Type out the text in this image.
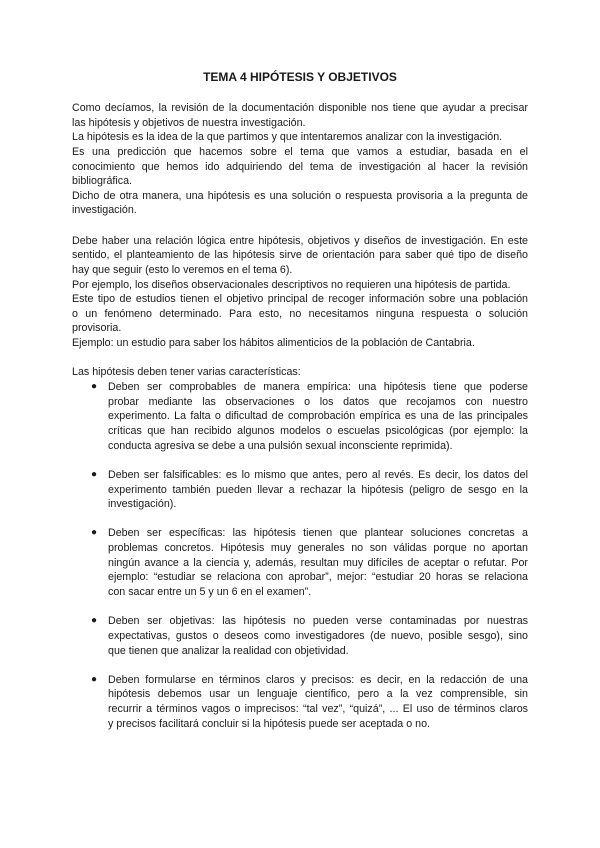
TEMA 4 HIPÓTESIS Y OBJETIVOS
Como decíamos, la revisión de la documentación disponible nos tiene que ayudar a precisar
las hipótesis y objetivos de nuestra investigación.
La hipótesis es la idea de la que partimos y que intentaremos analizar con la investigación.
Es una predicción que hacemos sobre el tema que vamos a estudiar, basada en el
conocimiento que hemos ido adquiriendo del tema de investigación al hacer la revisión
bibliográfica.
Dicho de otra manera, una hipótesis es una solución o respuesta provisoria a la pregunta de
investigación.
Debe haber una relación lógica entre hipótesis, objetivos y diseños de investigación. En este
sentido, el planteamiento de las hipótesis sirve de orientación para saber qué tipo de diseño
hay que seguir (esto lo veremos en el tema 6).
Por ejemplo, los diseños observacionales descriptivos no requieren una hipótesis de partida.
Este tipo de estudios tienen el objetivo principal de recoger información sobre una población
o un fenómeno determinado. Para esto, no necesitamos ninguna respuesta o solución
provisoria.
Ejemplo: un estudio para saber los hábitos alimenticios de la población de Cantabria.
Las hipótesis deben tener varias características:
● Deben ser comprobables de manera empírica: una hipótesis tiene que poderse
probar mediante las observaciones o los datos que recojamos con nuestro
experimento. La falta o dificultad de comprobación empírica es una de las principales
críticas que han recibido algunos modelos o escuelas psicológicas (por ejemplo: la
conducta agresiva se debe a una pulsión sexual inconsciente reprimida).
● Deben ser falsificables: es lo mismo que antes, pero al revés. Es decir, los datos del
experimento también pueden llevar a rechazar la hipótesis (peligro de sesgo en la
investigación).
● Deben ser específicas: las hipótesis tienen que plantear soluciones concretas a
problemas concretos. Hipótesis muy generales no son válidas porque no aportan
ningún avance a la ciencia y, además, resultan muy difíciles de aceptar o refutar. Por
ejemplo: “estudiar se relaciona con aprobar”, mejor: “estudiar 20 horas se relaciona
con sacar entre un 5 y un 6 en el examen”.
● Deben ser objetivas: las hipótesis no pueden verse contaminadas por nuestras
expectativas, gustos o deseos como investigadores (de nuevo, posible sesgo), sino
que tienen que analizar la realidad con objetividad.
● Deben formularse en términos claros y precisos: es decir, en la redacción de una
hipótesis debemos usar un lenguaje científico, pero a la vez comprensible, sin
recurrir a términos vagos o imprecisos: “tal vez”, “quizá”, ... El uso de términos claros
y precisos facilitará concluir si la hipótesis puede ser aceptada o no.
